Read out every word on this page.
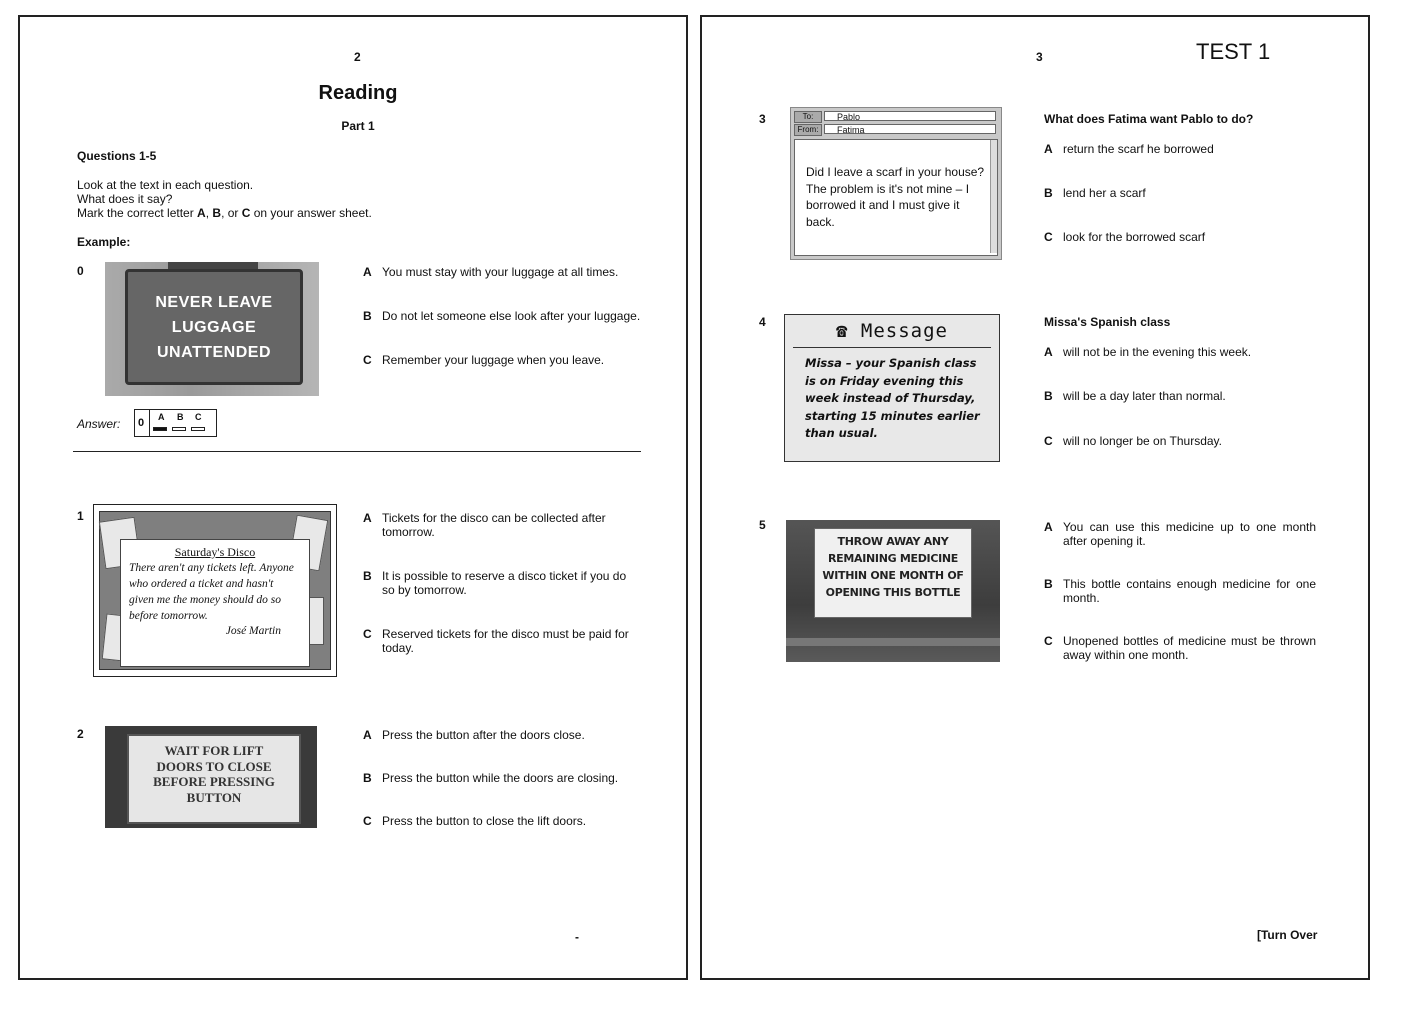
2
Reading
Part 1
Questions 1-5
Look at the text in each question.
What does it say?
Mark the correct letter A, B, or C on your answer sheet.
Example:
0
NEVER LEAVE
LUGGAGE
UNATTENDED
A You must stay with your luggage at all times.
B Do not let someone else look after your luggage.
C Remember your luggage when you leave.
Answer: 0 A B C
1
Saturday's Disco
There aren't any tickets left. Anyone who ordered a ticket and hasn't given me the money should do so before tomorrow.
José Martin
A Tickets for the disco can be collected after tomorrow.
B It is possible to reserve a disco ticket if you do so by tomorrow.
C Reserved tickets for the disco must be paid for today.
2
WAIT FOR LIFT
DOORS TO CLOSE
BEFORE PRESSING
BUTTON
A Press the button after the doors close.
B Press the button while the doors are closing.
C Press the button to close the lift doors.
-
3	TEST 1
3	To:	Pablo
From:	Fatima
Did I leave a scarf in your house? The problem is it's not mine – I borrowed it and I must give it back.
What does Fatima want Pablo to do?
A return the scarf he borrowed
B lend her a scarf
C look for the borrowed scarf
4	☎ Message
Missa – your Spanish class is on Friday evening this week instead of Thursday, starting 15 minutes earlier than usual.
Missa's Spanish class
A will not be in the evening this week.
B will be a day later than normal.
C will no longer be on Thursday.
5
THROW AWAY ANY
REMAINING MEDICINE
WITHIN ONE MONTH OF
OPENING THIS BOTTLE
A You can use this medicine up to one month after opening it.
B This bottle contains enough medicine for one month.
C Unopened bottles of medicine must be thrown away within one month.
[Turn Over
